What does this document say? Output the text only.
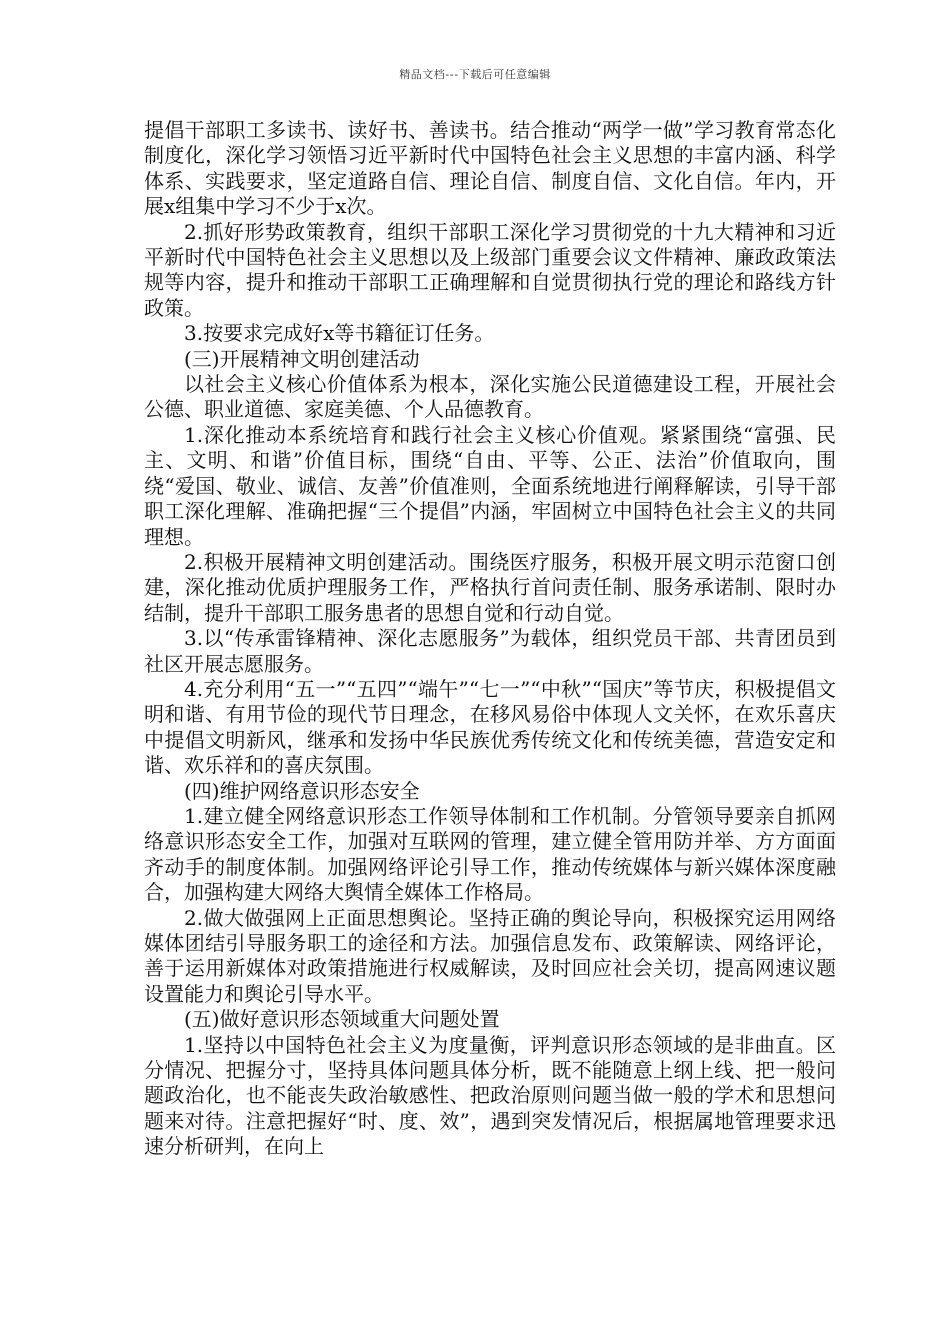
精品文档---下载后可任意编辑

提倡干部职工多读书、读好书、善读书。结合推动“两学一做”学习教育常态化制度化，深化学习领悟习近平新时代中国特色社会主义思想的丰富内涵、科学体系、实践要求，坚定道路自信、理论自信、制度自信、文化自信。年内，开展x组集中学习不少于x次。

2.抓好形势政策教育，组织干部职工深化学习贯彻党的十九大精神和习近平新时代中国特色社会主义思想以及上级部门重要会议文件精神、廉政政策法规等内容，提升和推动干部职工正确理解和自觉贯彻执行党的理论和路线方针政策。

3.按要求完成好x等书籍征订任务。

(三)开展精神文明创建活动

以社会主义核心价值体系为根本，深化实施公民道德建设工程，开展社会公德、职业道德、家庭美德、个人品德教育。

1.深化推动本系统培育和践行社会主义核心价值观。紧紧围绕“富强、民主、文明、和谐”价值目标，围绕“自由、平等、公正、法治”价值取向，围绕“爱国、敬业、诚信、友善”价值准则，全面系统地进行阐释解读，引导干部职工深化理解、准确把握“三个提倡”内涵，牢固树立中国特色社会主义的共同理想。

2.积极开展精神文明创建活动。围绕医疗服务，积极开展文明示范窗口创建，深化推动优质护理服务工作，严格执行首问责任制、服务承诺制、限时办结制，提升干部职工服务患者的思想自觉和行动自觉。

3.以“传承雷锋精神、深化志愿服务”为载体，组织党员干部、共青团员到社区开展志愿服务。

4.充分利用“五一”“五四”“端午”“七一”“中秋”“国庆”等节庆，积极提倡文明和谐、有用节俭的现代节日理念，在移风易俗中体现人文关怀，在欢乐喜庆中提倡文明新风，继承和发扬中华民族优秀传统文化和传统美德，营造安定和谐、欢乐祥和的喜庆氛围。

(四)维护网络意识形态安全

1.建立健全网络意识形态工作领导体制和工作机制。分管领导要亲自抓网络意识形态安全工作，加强对互联网的管理，建立健全管用防并举、方方面面齐动手的制度体制。加强网络评论引导工作，推动传统媒体与新兴媒体深度融合，加强构建大网络大舆情全媒体工作格局。

2.做大做强网上正面思想舆论。坚持正确的舆论导向，积极探究运用网络媒体团结引导服务职工的途径和方法。加强信息发布、政策解读、网络评论，善于运用新媒体对政策措施进行权威解读，及时回应社会关切，提高网速议题设置能力和舆论引导水平。

(五)做好意识形态领域重大问题处置

1.坚持以中国特色社会主义为度量衡，评判意识形态领域的是非曲直。区分情况、把握分寸，坚持具体问题具体分析，既不能随意上纲上线、把一般问题政治化，也不能丧失政治敏感性、把政治原则问题当做一般的学术和思想问题来对待。注意把握好“时、度、效”，遇到突发情况后，根据属地管理要求迅速分析研判，在向上
